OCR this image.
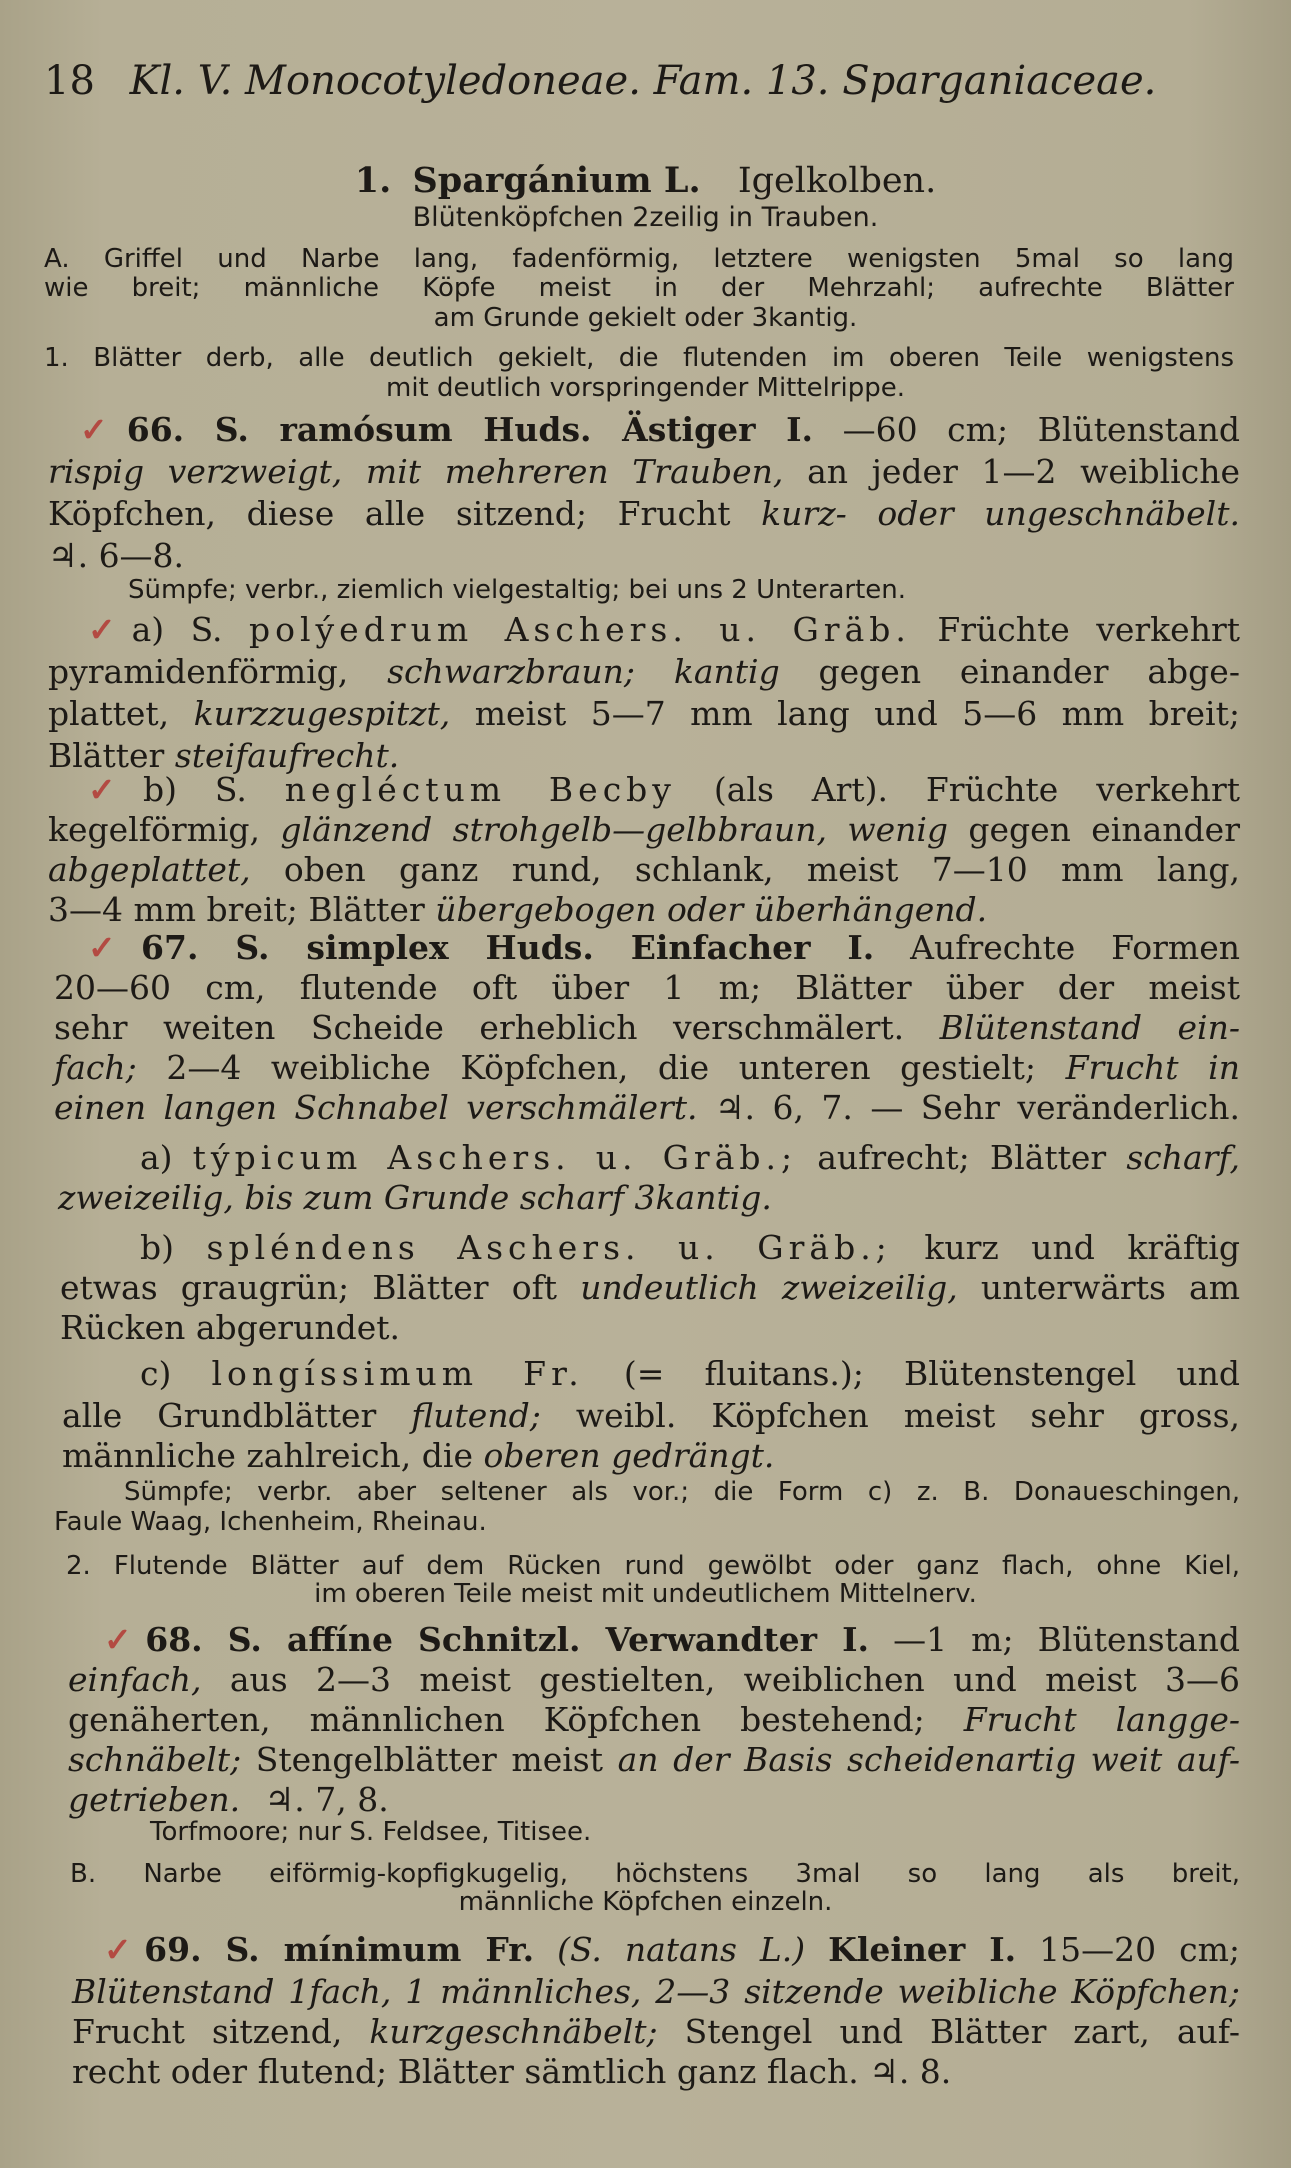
18 Kl. V. Monocotyledoneae. Fam. 13. Sparganiaceae.
1. Spargánium L. Igelkolben.
Blütenköpfchen 2zeilig in Trauben.
A. Griffel und Narbe lang, fadenförmig, letztere wenigsten 5mal so lang
wie breit; männliche Köpfe meist in der Mehrzahl; aufrechte Blätter
am Grunde gekielt oder 3kantig.
1. Blätter derb, alle deutlich gekielt, die flutenden im oberen Teile wenigstens
mit deutlich vorspringender Mittelrippe.
✓66. S. ramósum Huds. Ästiger I. —60 cm; Blütenstand
rispig verzweigt, mit mehreren Trauben, an jeder 1—2 weibliche
Köpfchen, diese alle sitzend; Frucht kurz- oder ungeschnäbelt.
♃. 6—8.
Sümpfe; verbr., ziemlich vielgestaltig; bei uns 2 Unterarten.
✓a) S. polýedrum Aschers. u. Gräb. Früchte verkehrt
pyramidenförmig, schwarzbraun; kantig gegen einander abge-
plattet, kurzzugespitzt, meist 5—7 mm lang und 5—6 mm breit;
Blätter steifaufrecht.
✓b) S. negléctum Becby (als Art). Früchte verkehrt
kegelförmig, glänzend strohgelb—gelbbraun, wenig gegen einander
abgeplattet, oben ganz rund, schlank, meist 7—10 mm lang,
3—4 mm breit; Blätter übergebogen oder überhängend.
✓67. S. simplex Huds. Einfacher I. Aufrechte Formen
20—60 cm, flutende oft über 1 m; Blätter über der meist
sehr weiten Scheide erheblich verschmälert. Blütenstand ein-
fach; 2—4 weibliche Köpfchen, die unteren gestielt; Frucht in
einen langen Schnabel verschmälert. ♃. 6, 7. — Sehr veränderlich.
a) týpicum Aschers. u. Gräb.; aufrecht; Blätter scharf,
zweizeilig, bis zum Grunde scharf 3kantig.
b) spléndens Aschers. u. Gräb.; kurz und kräftig
etwas graugrün; Blätter oft undeutlich zweizeilig, unterwärts am
Rücken abgerundet.
c) longíssimum Fr. (= fluitans.); Blütenstengel und
alle Grundblätter flutend; weibl. Köpfchen meist sehr gross,
männliche zahlreich, die oberen gedrängt.
Sümpfe; verbr. aber seltener als vor.; die Form c) z. B. Donaueschingen,
Faule Waag, Ichenheim, Rheinau.
2. Flutende Blätter auf dem Rücken rund gewölbt oder ganz flach, ohne Kiel,
im oberen Teile meist mit undeutlichem Mittelnerv.
✓68. S. affíne Schnitzl. Verwandter I. —1 m; Blütenstand
einfach, aus 2—3 meist gestielten, weiblichen und meist 3—6
genäherten, männlichen Köpfchen bestehend; Frucht langge-
schnäbelt; Stengelblätter meist an der Basis scheidenartig weit auf-
getrieben. ♃. 7, 8.
Torfmoore; nur S. Feldsee, Titisee.
B. Narbe eiförmig-kopfigkugelig, höchstens 3mal so lang als breit,
männliche Köpfchen einzeln.
✓69. S. mínimum Fr. (S. natans L.) Kleiner I. 15—20 cm;
Blütenstand 1fach, 1 männliches, 2—3 sitzende weibliche Köpfchen;
Frucht sitzend, kurzgeschnäbelt; Stengel und Blätter zart, auf-
recht oder flutend; Blätter sämtlich ganz flach. ♃. 8.
